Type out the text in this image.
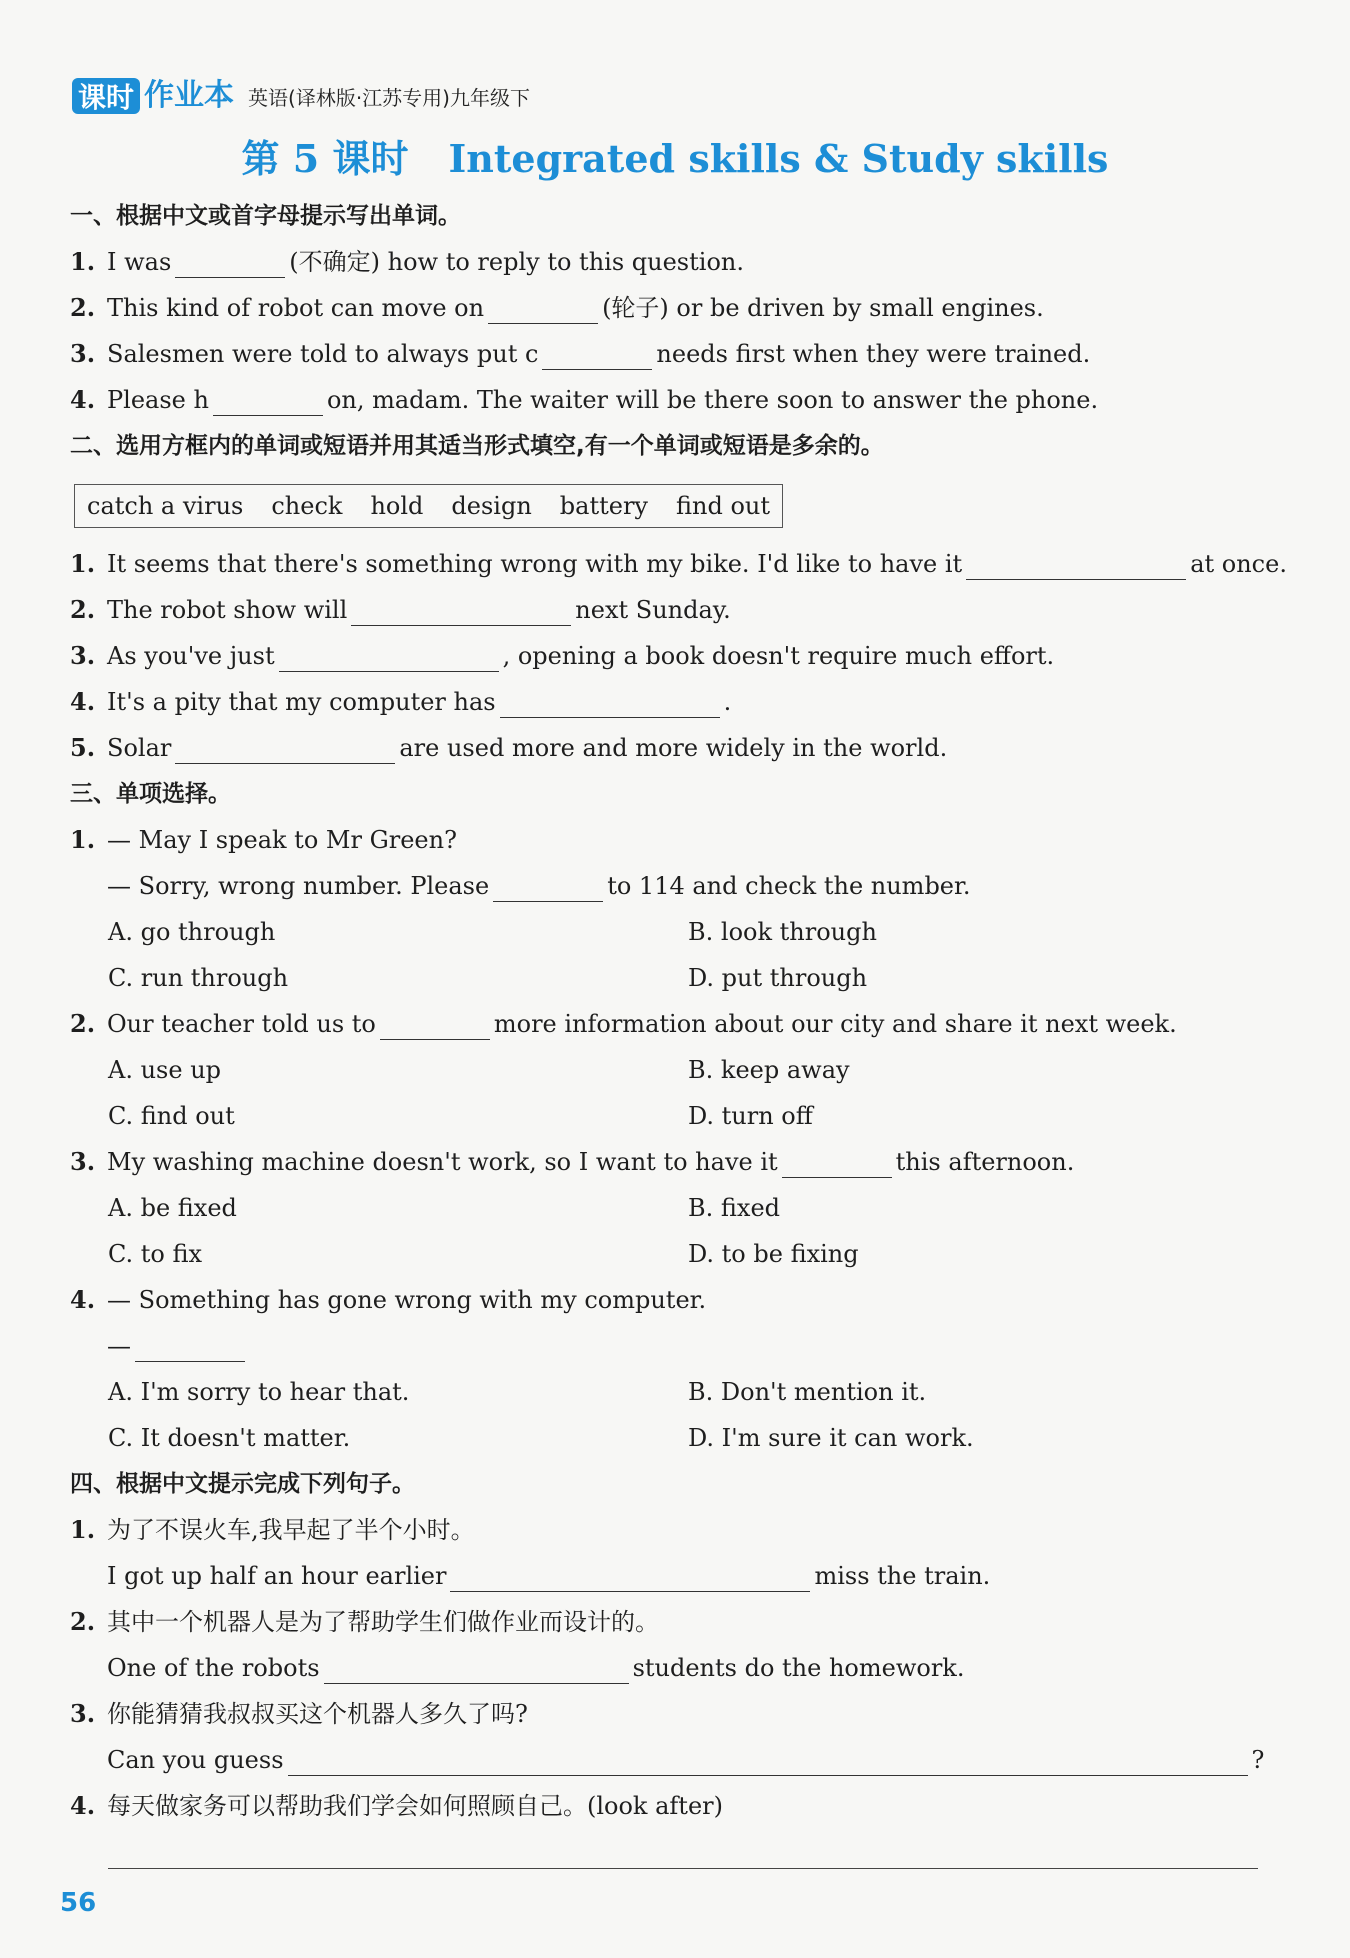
课时 作业本 英语(译林版·江苏专用)九年级下
第 5 课时 Integrated skills & Study skills
一、根据中文或首字母提示写出单词。
1. I was	(不确定) how to reply to this question.
2. This kind of robot can move on	(轮子) or be driven by small engines.
3. Salesmen were told to always put c	needs first when they were trained.
4. Please h	on, madam. The waiter will be there soon to answer the phone.
二、选用方框内的单词或短语并用其适当形式填空,有一个单词或短语是多余的。
catch a virus check hold design battery find out
1. It seems that there's something wrong with my bike. I'd like to have it	at once.
2. The robot show will	next Sunday.
3. As you've just	, opening a book doesn't require much effort.
4. It's a pity that my computer has	.
5. Solar	are used more and more widely in the world.
三、单项选择。
1. — May I speak to Mr Green?
— Sorry, wrong number. Please	to 114 and check the number.
A. go through	B. look through
C. run through	D. put through
2. Our teacher told us to	more information about our city and share it next week.
A. use up	B. keep away
C. find out	D. turn off
3. My washing machine doesn't work, so I want to have it	this afternoon.
A. be fixed	B. fixed
C. to fix	D. to be fixing
4. — Something has gone wrong with my computer.
—
A. I'm sorry to hear that.	B. Don't mention it.
C. It doesn't matter.	D. I'm sure it can work.
四、根据中文提示完成下列句子。
1. 为了不误火车,我早起了半个小时。
I got up half an hour earlier	miss the train.
2. 其中一个机器人是为了帮助学生们做作业而设计的。
One of the robots	students do the homework.
3. 你能猜猜我叔叔买这个机器人多久了吗?
Can you guess	?
4. 每天做家务可以帮助我们学会如何照顾自己。(look after)
56
